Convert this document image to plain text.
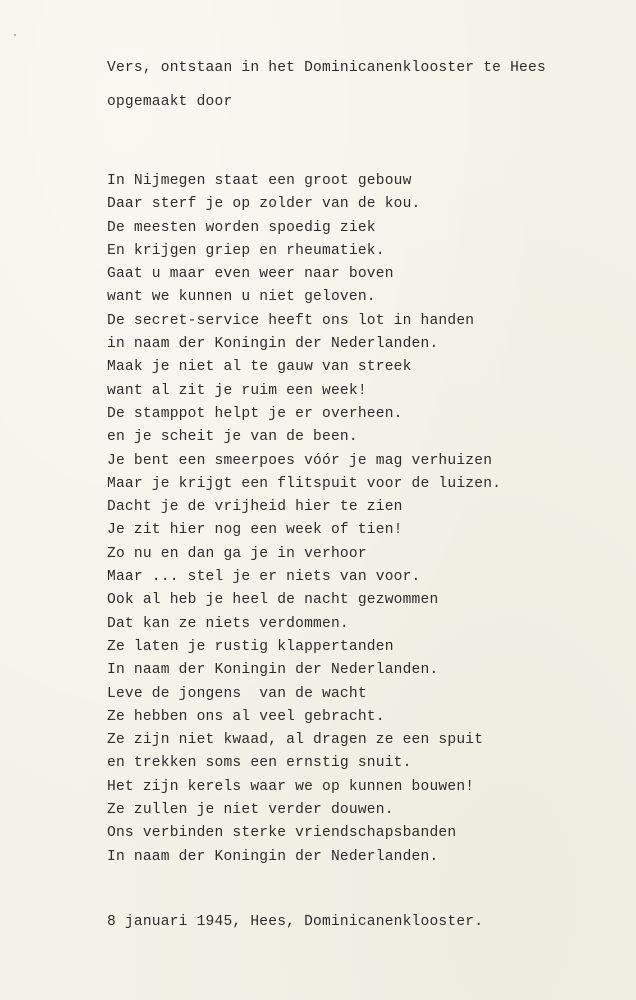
Vers, ontstaan in het Dominicanenklooster te Hees

opgemaakt door

In Nijmegen staat een groot gebouw
Daar sterf je op zolder van de kou.
De meesten worden spoedig ziek
En krijgen griep en rheumatiek.
Gaat u maar even weer naar boven
want we kunnen u niet geloven.
De secret-service heeft ons lot in handen
in naam der Koningin der Nederlanden.
Maak je niet al te gauw van streek
want al zit je ruim een week!
De stamppot helpt je er overheen.
en je scheit je van de been.
Je bent een smeerpoes vóór je mag verhuizen
Maar je krijgt een flitspuit voor de luizen.
Dacht je de vrijheid hier te zien
Je zit hier nog een week of tien!
Zo nu en dan ga je in verhoor
Maar ... stel je er niets van voor.
Ook al heb je heel de nacht gezwommen
Dat kan ze niets verdommen.
Ze laten je rustig klappertanden
In naam der Koningin der Nederlanden.
Leve de jongens  van de wacht
Ze hebben ons al veel gebracht.
Ze zijn niet kwaad, al dragen ze een spuit
en trekken soms een ernstig snuit.
Het zijn kerels waar we op kunnen bouwen!
Ze zullen je niet verder douwen.
Ons verbinden sterke vriendschapsbanden
In naam der Koningin der Nederlanden.

8 januari 1945, Hees, Dominicanenklooster.
